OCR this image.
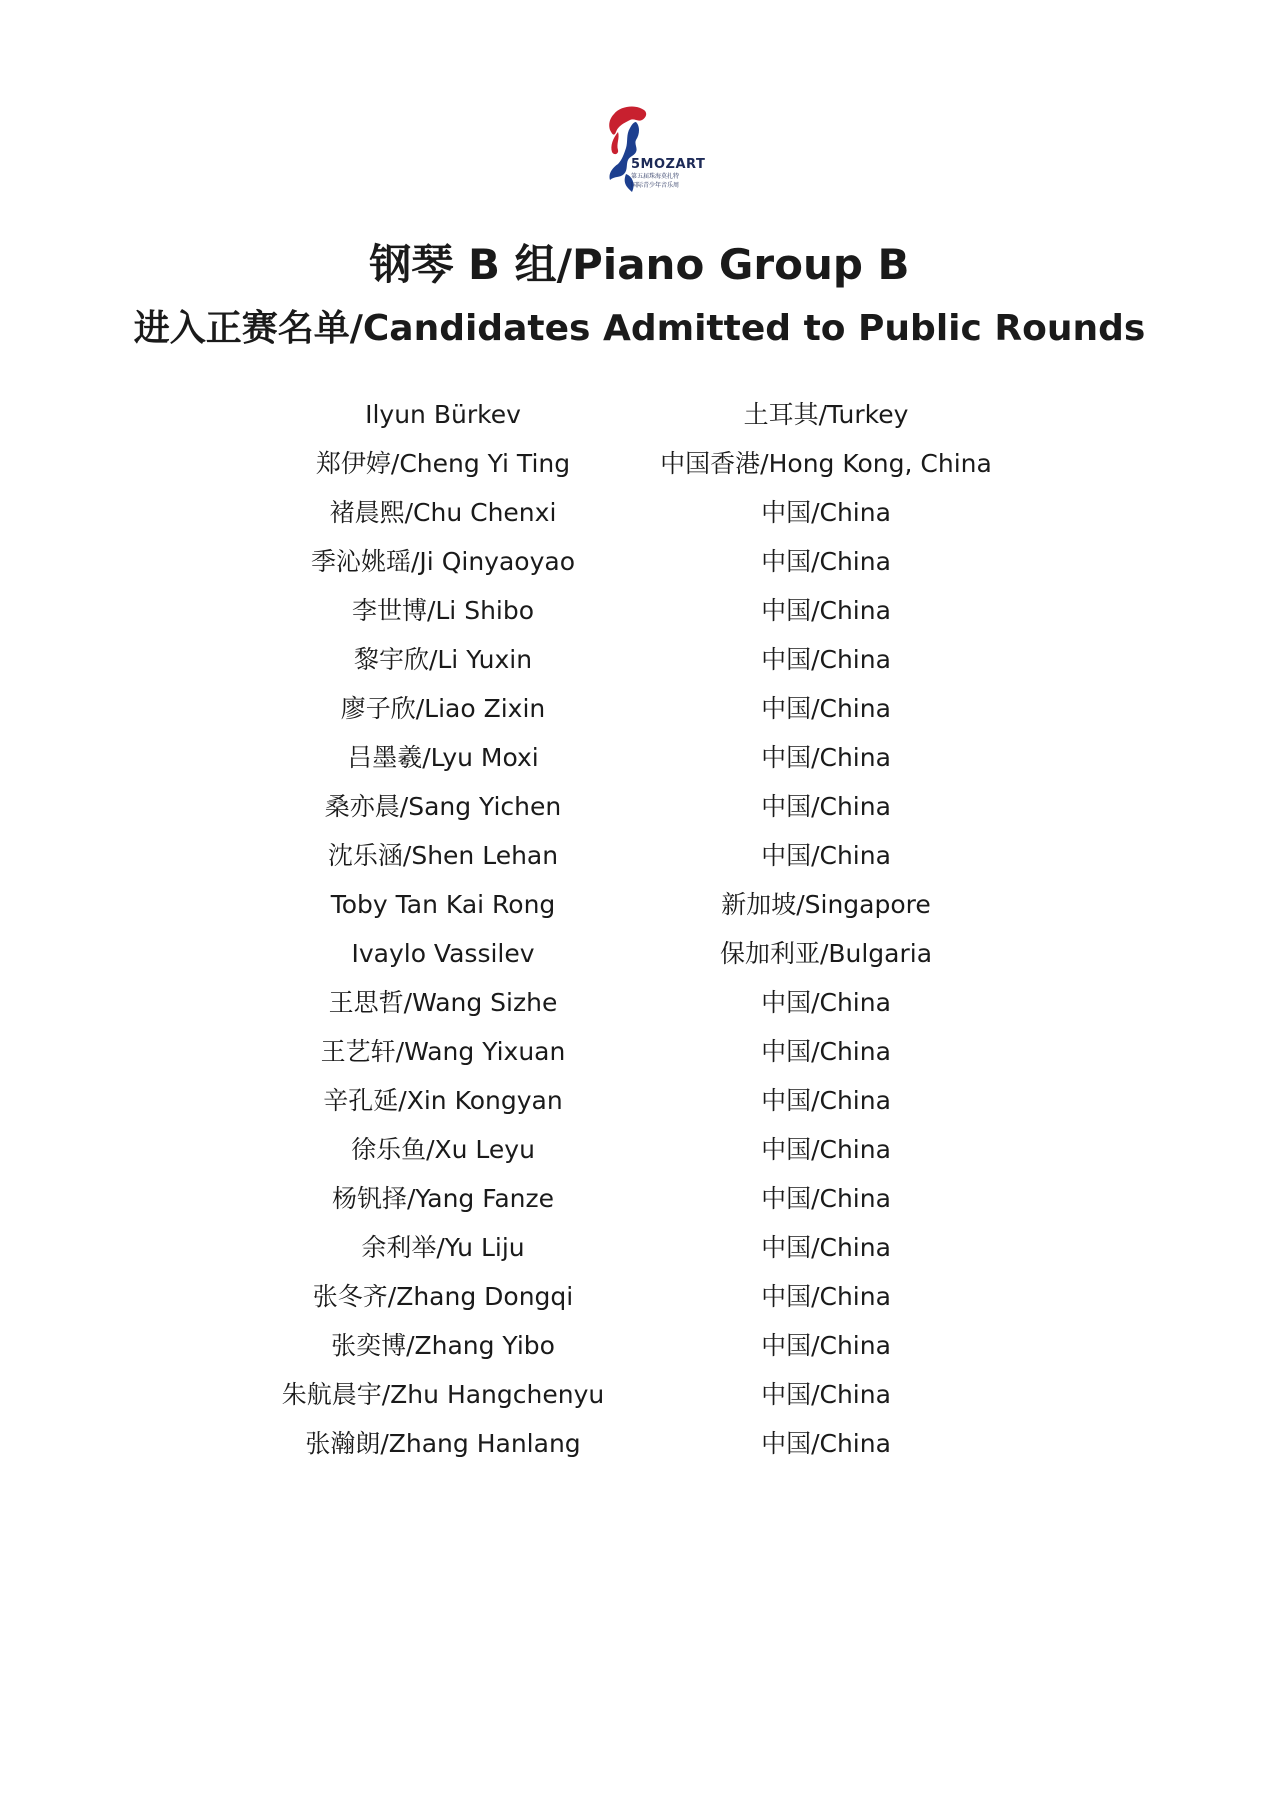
5MOZART
第五届珠海莫扎特
国际青少年音乐周
钢琴 B 组/Piano Group B
进入正赛名单/Candidates Admitted to Public Rounds
Ilyun Bürkev	土耳其/Turkey
郑伊婷/Cheng Yi Ting	中国香港/Hong Kong, China
褚晨熙/Chu Chenxi	中国/China
季沁姚瑶/Ji Qinyaoyao	中国/China
李世博/Li Shibo	中国/China
黎宇欣/Li Yuxin	中国/China
廖子欣/Liao Zixin	中国/China
吕墨羲/Lyu Moxi	中国/China
桑亦晨/Sang Yichen	中国/China
沈乐涵/Shen Lehan	中国/China
Toby Tan Kai Rong	新加坡/Singapore
Ivaylo Vassilev	保加利亚/Bulgaria
王思哲/Wang Sizhe	中国/China
王艺轩/Wang Yixuan	中国/China
辛孔延/Xin Kongyan	中国/China
徐乐鱼/Xu Leyu	中国/China
杨钒择/Yang Fanze	中国/China
余利举/Yu Liju	中国/China
张冬齐/Zhang Dongqi	中国/China
张奕博/Zhang Yibo	中国/China
朱航晨宇/Zhu Hangchenyu	中国/China
张瀚朗/Zhang Hanlang	中国/China
